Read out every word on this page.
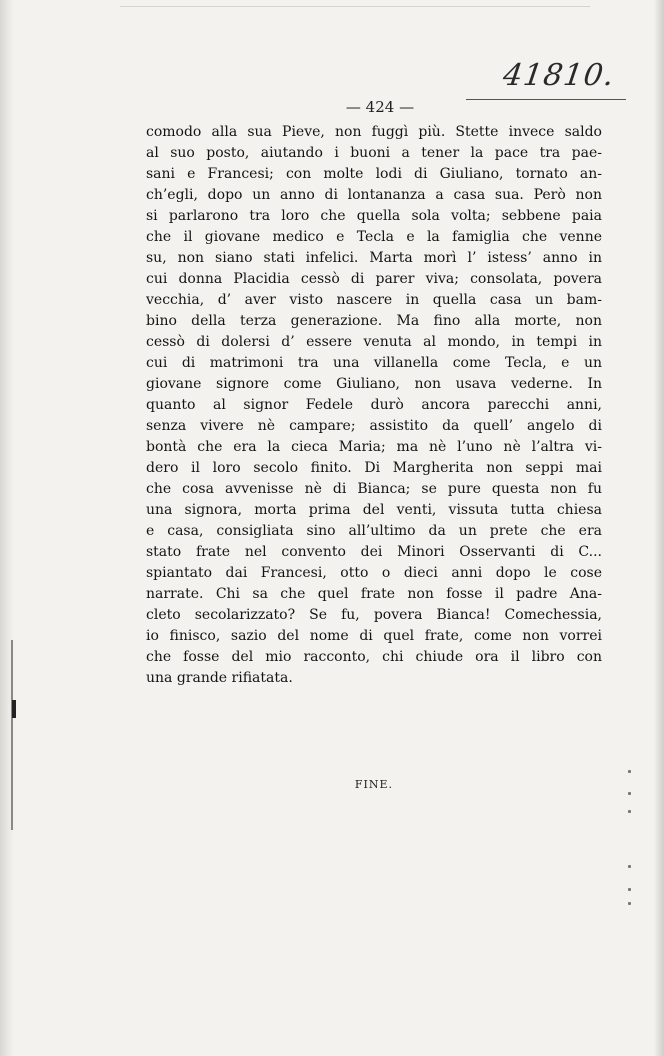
41810.
— 424 —
comodo alla sua Pieve, non fuggì più. Stette invece saldo
al suo posto, aiutando i buoni a tener la pace tra pae-
sani e Francesi; con molte lodi di Giuliano, tornato an-
ch’egli, dopo un anno di lontananza a casa sua. Però non
si parlarono tra loro che quella sola volta; sebbene paia
che il giovane medico e Tecla e la famiglia che venne
su, non siano stati infelici. Marta morì l’ istess’ anno in
cui donna Placidia cessò di parer viva; consolata, povera
vecchia, d’ aver visto nascere in quella casa un bam-
bino della terza generazione. Ma fino alla morte, non
cessò di dolersi d’ essere venuta al mondo, in tempi in
cui di matrimoni tra una villanella come Tecla, e un
giovane signore come Giuliano, non usava vederne. In
quanto al signor Fedele durò ancora parecchi anni,
senza vivere nè campare; assistito da quell’ angelo di
bontà che era la cieca Maria; ma nè l’uno nè l’altra vi-
dero il loro secolo finito. Di Margherita non seppi mai
che cosa avvenisse nè di Bianca; se pure questa non fu
una signora, morta prima del venti, vissuta tutta chiesa
e casa, consigliata sino all’ultimo da un prete che era
stato frate nel convento dei Minori Osservanti di C...
spiantato dai Francesi, otto o dieci anni dopo le cose
narrate. Chi sa che quel frate non fosse il padre Ana-
cleto secolarizzato? Se fu, povera Bianca! Comechessia,
io finisco, sazio del nome di quel frate, come non vorrei
che fosse del mio racconto, chi chiude ora il libro con
una grande rifiatata.
FINE.
